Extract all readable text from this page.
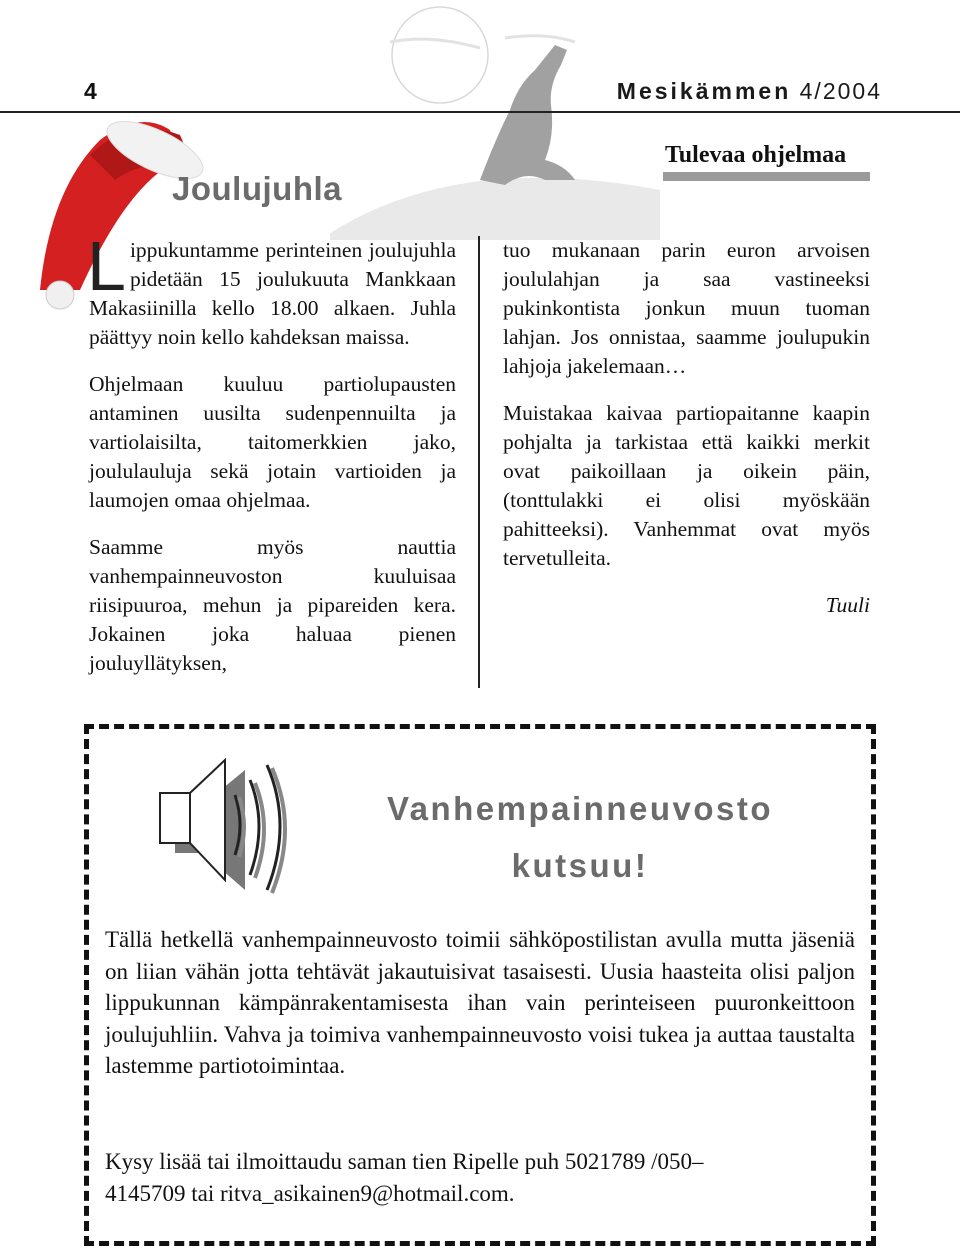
4	Mesikämmen 4/2004
Tulevaa ohjelmaa
Joulujuhla

Lippukuntamme perinteinen joulujuhla pidetään 15 joulukuuta Mankkaan Makasiinilla kello 18.00 alkaen. Juhla päättyy noin kello kahdeksan maissa.

Ohjelmaan kuuluu partiolupausten antaminen uusilta sudenpennuilta ja vartiolaisilta, taitomerkkien jako, joululauluja sekä jotain vartioiden ja laumojen omaa ohjelmaa.

Saamme myös nauttia vanhempainneuvoston kuuluisaa riisipuuroa, mehun ja pipareiden kera. Jokainen joka haluaa pienen jouluyllätyksen,

tuo mukanaan parin euron arvoisen joululahjan ja saa vastineeksi pukinkontista jonkun muun tuoman lahjan. Jos onnistaa, saamme joulupukin lahjoja jakelemaan…

Muistakaa kaivaa partiopaitanne kaapin pohjalta ja tarkistaa että kaikki merkit ovat paikoillaan ja oikein päin, (tonttulakki ei olisi myöskään pahitteeksi). Vanhemmat ovat myös tervetulleita.

Tuuli

Vanhempainneuvosto
kutsuu!
Tällä hetkellä vanhempainneuvosto toimii sähköpostilistan avulla mutta jäseniä on liian vähän jotta tehtävät jakautuisivat tasaisesti. Uusia haasteita olisi paljon lippukunnan kämpänrakentamisesta ihan vain perinteiseen puuronkeittoon joulujuhliin. Vahva ja toimiva vanhempainneuvosto voisi tukea ja auttaa taustalta lastemme partiotoimintaa.
Kysy lisää tai ilmoittaudu saman tien Ripelle puh 5021789 /050–
4145709 tai ritva_asikainen9@hotmail.com.
